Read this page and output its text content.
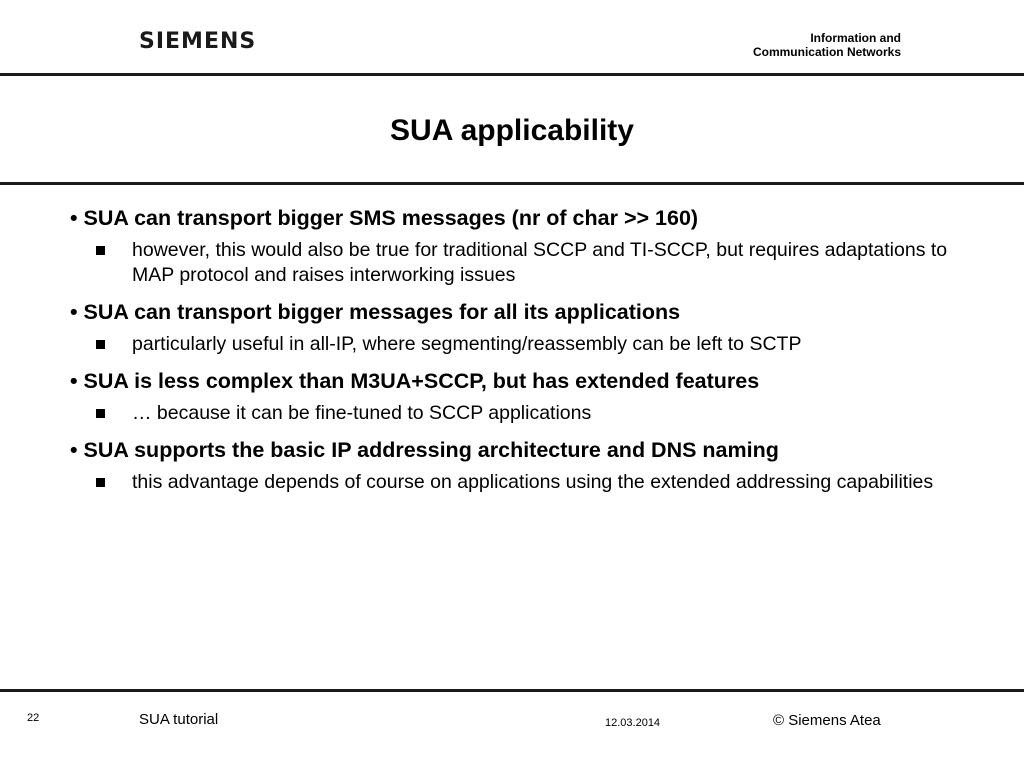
SIEMENS	Information and
Communication Networks
SUA applicability
• SUA can transport bigger SMS messages (nr of char >> 160)
however, this would also be true for traditional SCCP and TI-SCCP, but requires adaptations to MAP protocol and raises interworking issues
• SUA can transport bigger messages for all its applications
particularly useful in all-IP, where segmenting/reassembly can be left to SCTP
• SUA is less complex than M3UA+SCCP, but has extended features
… because it can be fine-tuned to SCCP applications
• SUA supports the basic IP addressing architecture and DNS naming
this advantage depends of course on applications using the extended addressing capabilities
22	SUA tutorial	12.03.2014	© Siemens Atea
